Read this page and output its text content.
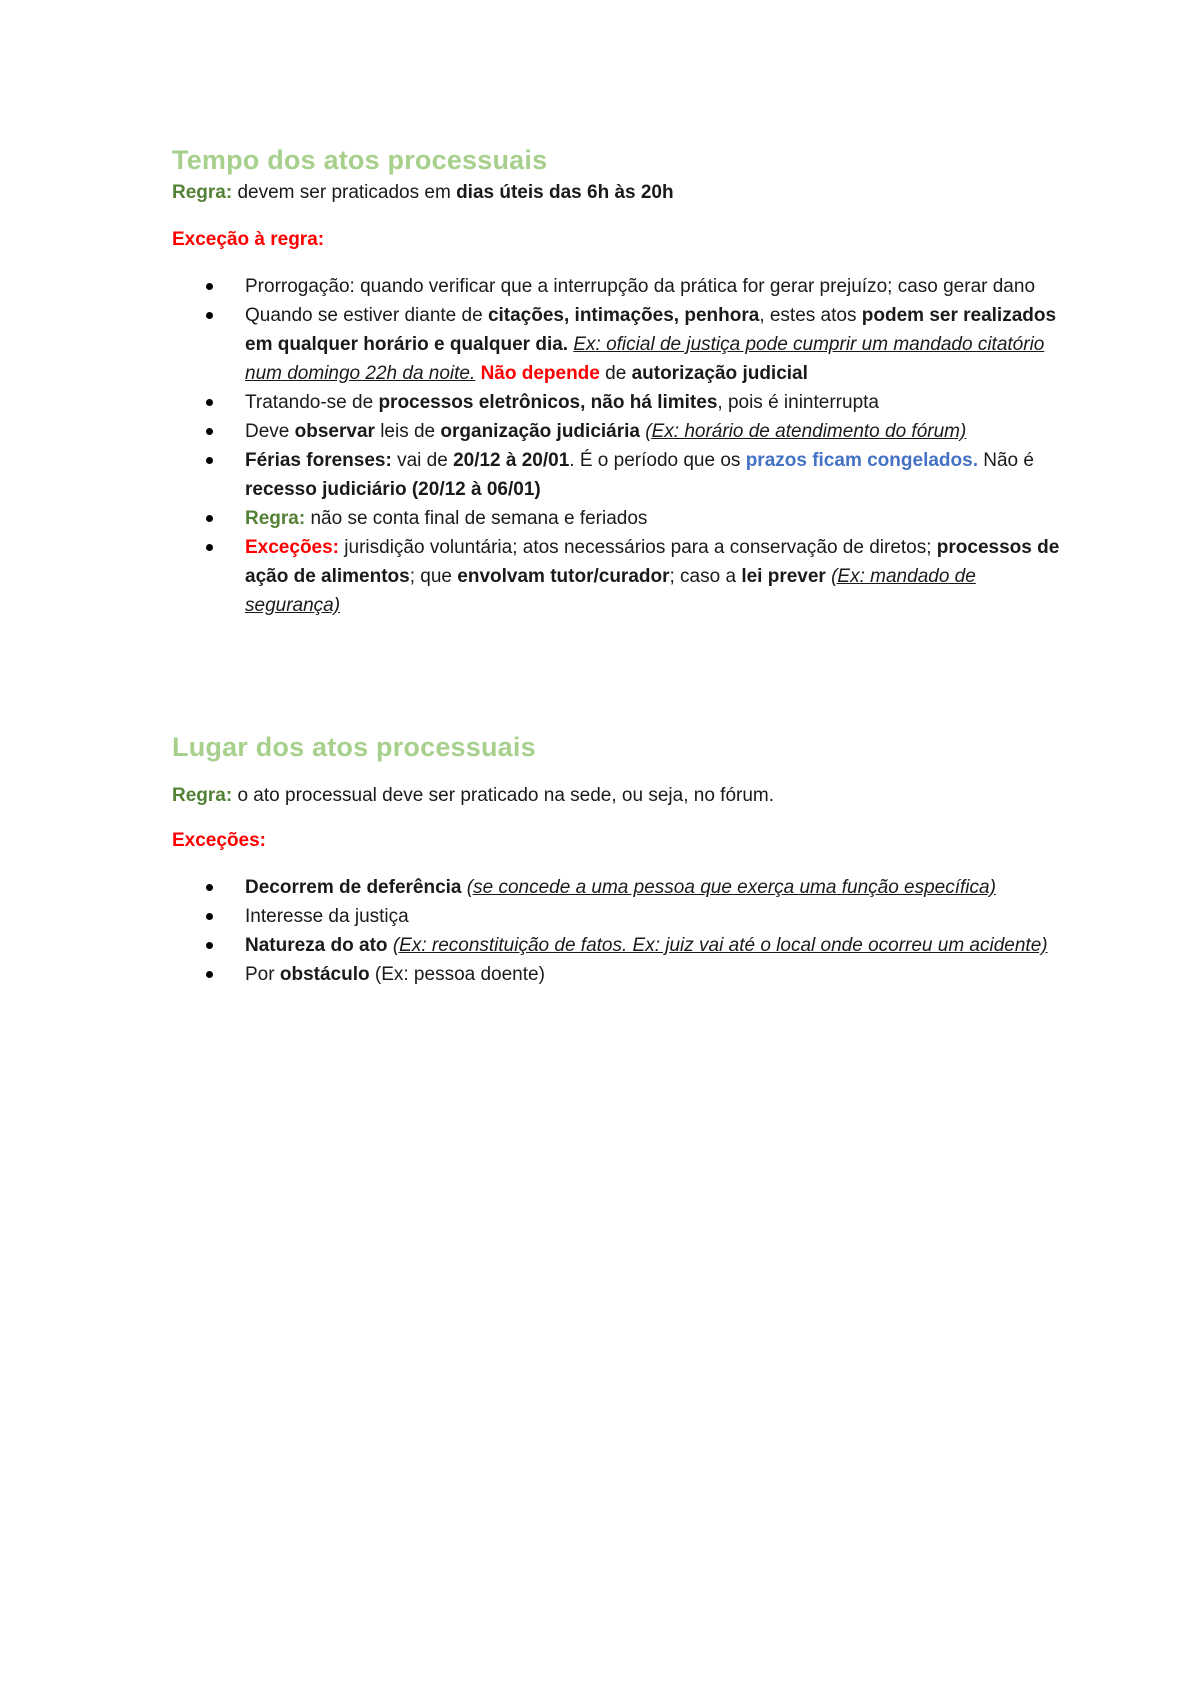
Tempo dos atos processuais

Regra: devem ser praticados em dias úteis das 6h às 20h

Exceção à regra:

Prorrogação: quando verificar que a interrupção da prática for gerar prejuízo; caso gerar dano
Quando se estiver diante de citações, intimações, penhora, estes atos podem ser realizados em qualquer horário e qualquer dia. Ex: oficial de justiça pode cumprir um mandado citatório num domingo 22h da noite. Não depende de autorização judicial
Tratando-se de processos eletrônicos, não há limites, pois é ininterrupta
Deve observar leis de organização judiciária (Ex: horário de atendimento do fórum)
Férias forenses: vai de 20/12 à 20/01. É o período que os prazos ficam congelados. Não é recesso judiciário (20/12 à 06/01)
Regra: não se conta final de semana e feriados
Exceções: jurisdição voluntária; atos necessários para a conservação de diretos; processos de ação de alimentos; que envolvam tutor/curador; caso a lei prever (Ex: mandado de segurança)
Lugar dos atos processuais

Regra: o ato processual deve ser praticado na sede, ou seja, no fórum.

Exceções:

Decorrem de deferência (se concede a uma pessoa que exerça uma função específica)
Interesse da justiça
Natureza do ato (Ex: reconstituição de fatos. Ex: juiz vai até o local onde ocorreu um acidente)
Por obstáculo (Ex: pessoa doente)
